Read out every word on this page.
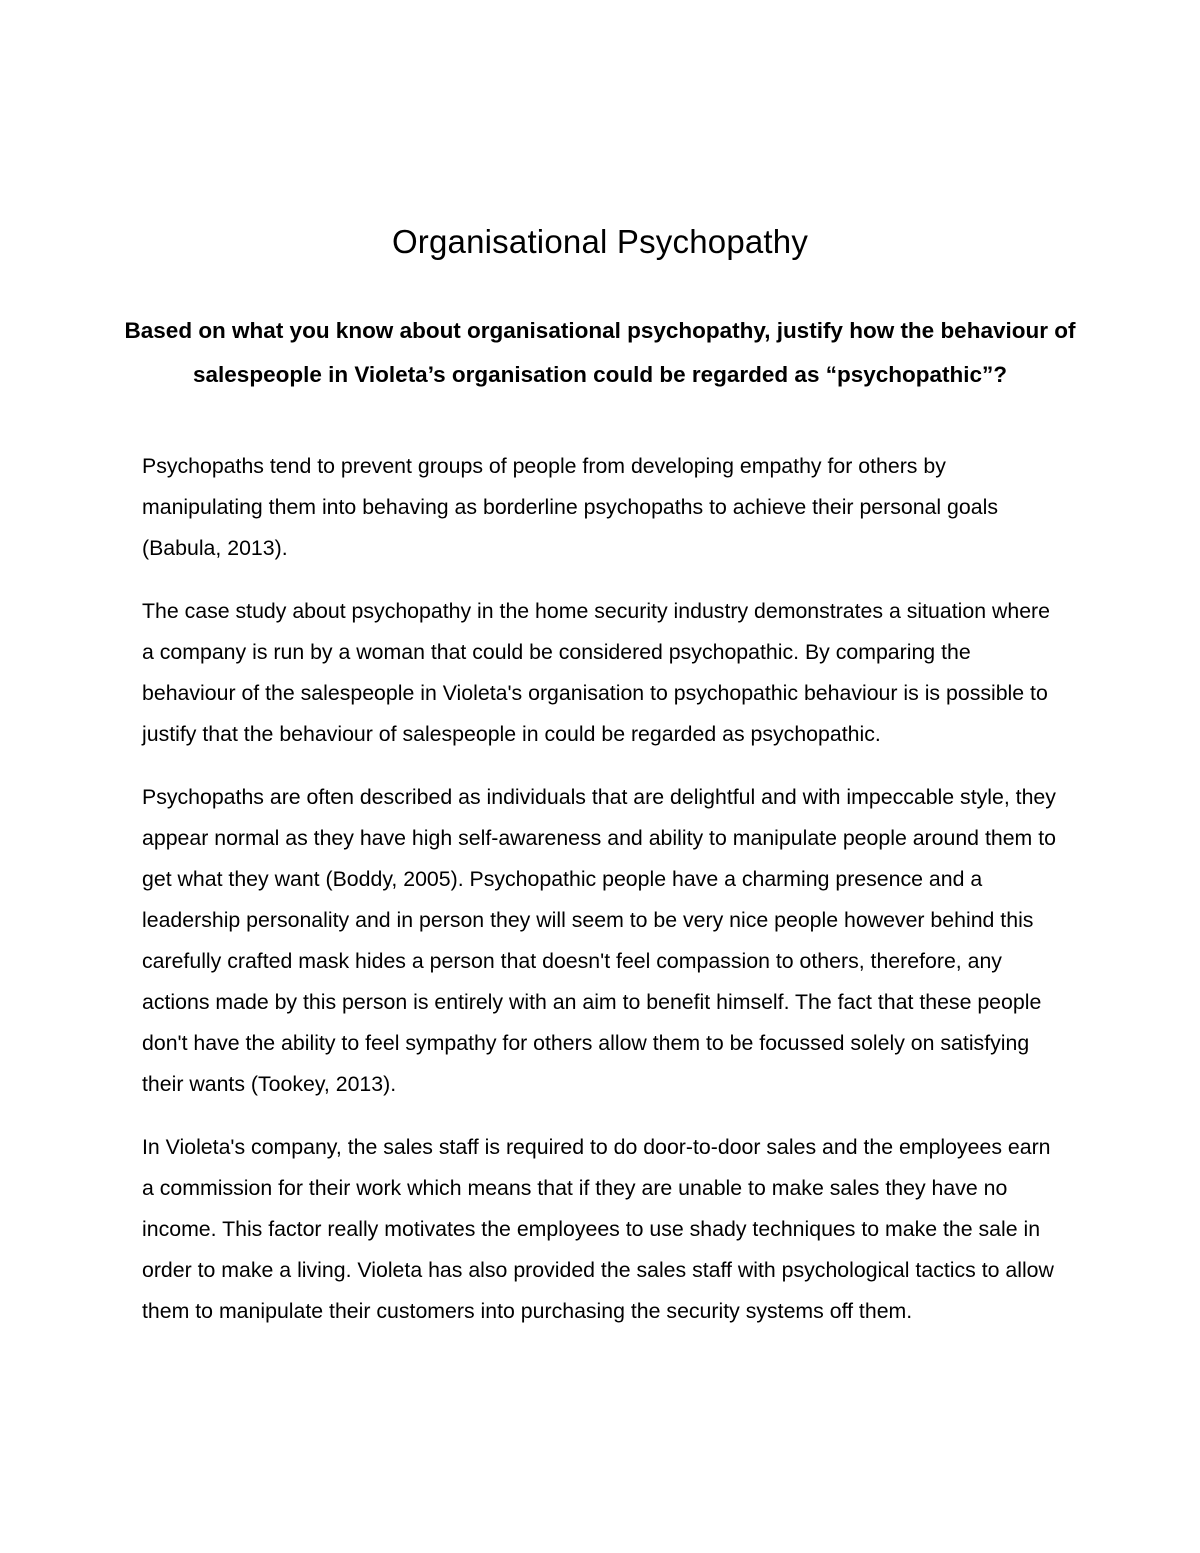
Organisational Psychopathy
Based on what you know about organisational psychopathy, justify how the behaviour of salespeople in Violeta’s organisation could be regarded as “psychopathic”?

Psychopaths tend to prevent groups of people from developing empathy for others by manipulating them into behaving as borderline psychopaths to achieve their personal goals (Babula, 2013).

The case study about psychopathy in the home security industry demonstrates a situation where a company is run by a woman that could be considered psychopathic. By comparing the behaviour of the salespeople in Violeta's organisation to psychopathic behaviour is is possible to justify that the behaviour of salespeople in could be regarded as psychopathic.

Psychopaths are often described as individuals that are delightful and with impeccable style, they appear normal as they have high self-awareness and ability to manipulate people around them to get what they want (Boddy, 2005). Psychopathic people have a charming presence and a leadership personality and in person they will seem to be very nice people however behind this carefully crafted mask hides a person that doesn't feel compassion to others, therefore, any actions made by this person is entirely with an aim to benefit himself. The fact that these people don't have the ability to feel sympathy for others allow them to be focussed solely on satisfying their wants (Tookey, 2013).

In Violeta's company, the sales staff is required to do door-to-door sales and the employees earn a commission for their work which means that if they are unable to make sales they have no income. This factor really motivates the employees to use shady techniques to make the sale in order to make a living. Violeta has also provided the sales staff with psychological tactics to allow them to manipulate their customers into purchasing the security systems off them.
